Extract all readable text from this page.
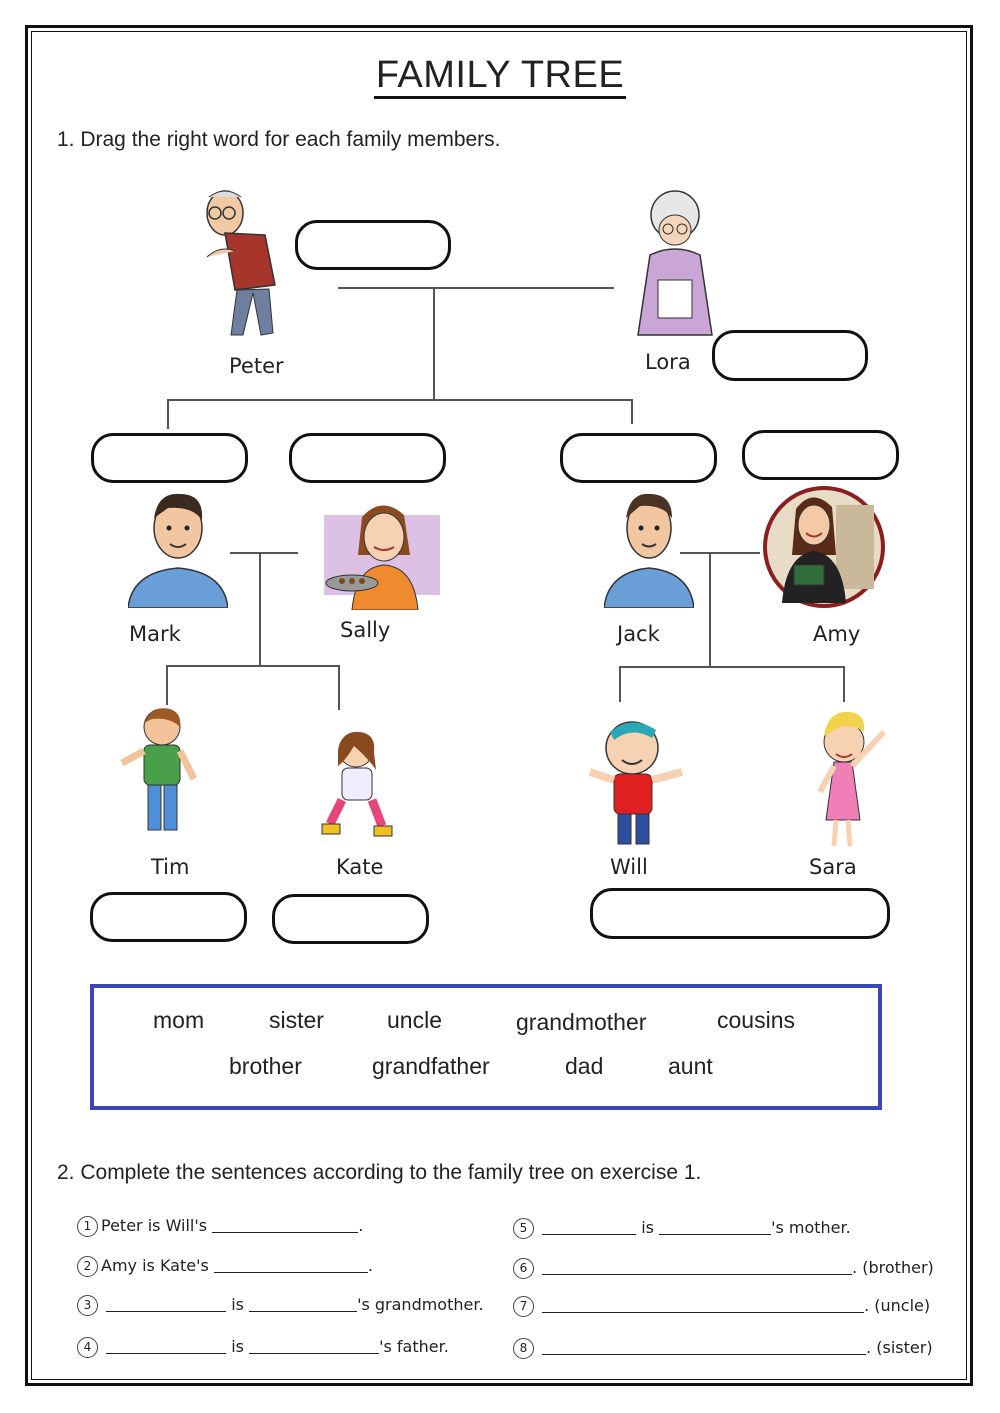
FAMILY TREE
1. Drag the right word for each family members.
Peter	Lora
Mark	Sally	Jack	Amy
Tim	Kate	Will	Sara
mom	sister	uncle	grandmother	cousins
brother	grandfather	dad	aunt
2. Complete the sentences according to the family tree on exercise 1.
1 Peter is Will's	.
2 Amy is Kate's	.
3	is	's grandmother.
4	is	's father.
5	is	's mother.
6	. (brother)
7	. (uncle)
8	. (sister)
